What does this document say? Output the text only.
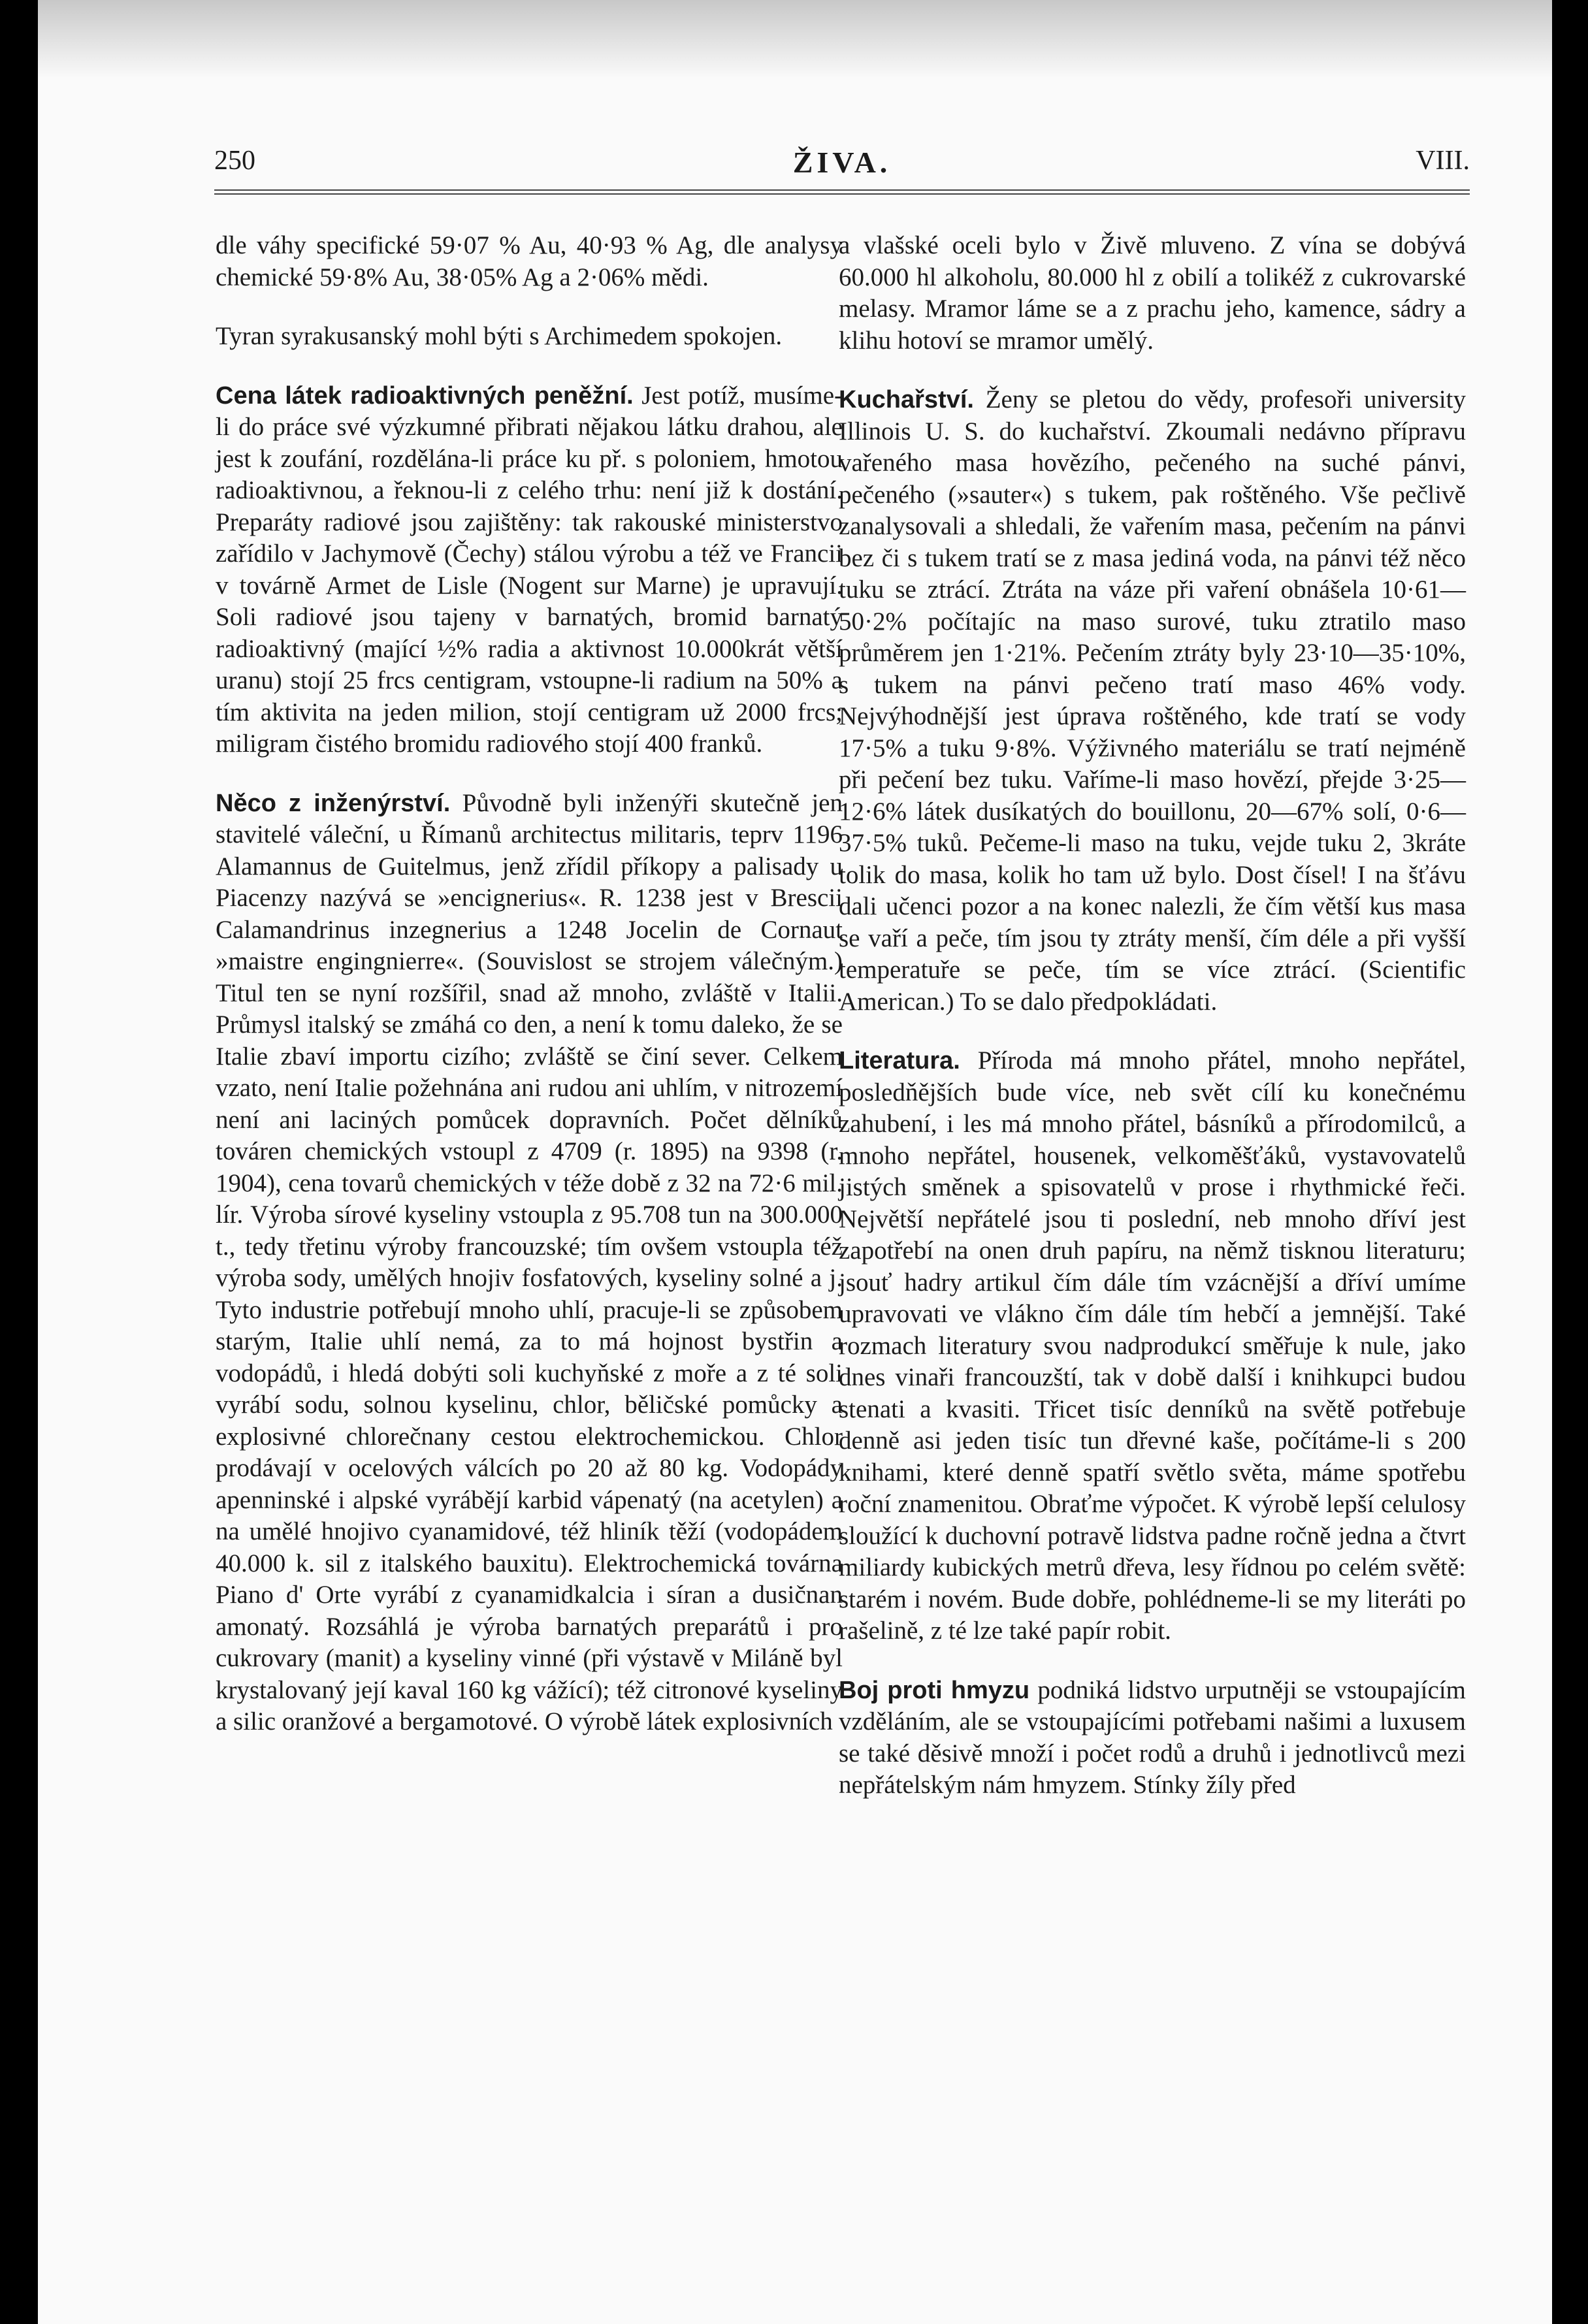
250	ŽIVA.	VIII.

dle váhy specifické 59·07 % Au, 40·93 % Ag, dle analysy chemické 59·8% Au, 38·05% Ag a 2·06% mědi.

Tyran syrakusanský mohl býti s Archimedem spokojen.

Cena látek radioaktivných peněžní. Jest potíž, musíme-li do práce své výzkumné přibrati nějakou látku drahou, ale jest k zoufání, rozdělána-li práce ku př. s poloniem, hmotou radioaktivnou, a řeknou-li z celého trhu: není již k dostání. Preparáty radiové jsou zajištěny: tak rakouské ministerstvo zařídilo v Jachymově (Čechy) stálou výrobu a též ve Francii v továrně Armet de Lisle (Nogent sur Marne) je upravují. Soli radiové jsou tajeny v barnatých, bromid barnatý radioaktivný (mající ½% radia a aktivnost 10.000krát větší uranu) stojí 25 frcs centigram, vstoupne-li radium na 50% a tím aktivita na jeden milion, stojí centigram už 2000 frcs; miligram čistého bromidu radiového stojí 400 franků.

Něco z inženýrství. Původně byli inženýři skutečně jen stavitelé váleční, u Římanů architectus militaris, teprv 1196 Alamannus de Guitelmus, jenž zřídil příkopy a palisady u Piacenzy nazývá se »encignerius«. R. 1238 jest v Brescii Calamandrinus inzegnerius a 1248 Jocelin de Cornaut »maistre engingnierre«. (Souvislost se strojem válečným.) Titul ten se nyní rozšířil, snad až mnoho, zvláště v Italii. Průmysl italský se zmáhá co den, a není k tomu daleko, že se Italie zbaví importu cizího; zvláště se činí sever. Celkem vzato, není Italie požehnána ani rudou ani uhlím, v nitrozemí není ani laciných pomůcek dopravních. Počet dělníků továren chemických vstoupl z 4709 (r. 1895) na 9398 (r. 1904), cena tovarů chemických v téže době z 32 na 72·6 mil. lír. Výroba sírové kyseliny vstoupla z 95.708 tun na 300.000 t., tedy třetinu výroby francouzské; tím ovšem vstoupla též výroba sody, umělých hnojiv fosfatových, kyseliny solné a j. Tyto industrie potřebují mnoho uhlí, pracuje-li se způsobem starým, Italie uhlí nemá, za to má hojnost bystřin a vodopádů, i hledá dobýti soli kuchyňské z moře a z té soli vyrábí sodu, solnou kyselinu, chlor, běličské pomůcky a explosivné chlorečnany cestou elektrochemickou. Chlor prodávají v ocelových válcích po 20 až 80 kg. Vodopády apenninské i alpské vyrábějí karbid vápenatý (na acetylen) a na umělé hnojivo cyanamidové, též hliník těží (vodopádem 40.000 k. sil z italského bauxitu). Elektrochemická továrna Piano d' Orte vyrábí z cyanamidkalcia i síran a dusičnan amonatý. Rozsáhlá je výroba barnatých preparátů i pro cukrovary (manit) a kyseliny vinné (při výstavě v Miláně byl krystalovaný její kaval 160 kg vážící); též citronové kyseliny a silic oranžové a bergamotové. O výrobě látek explosivních

a vlašské oceli bylo v Živě mluveno. Z vína se dobývá 60.000 hl alkoholu, 80.000 hl z obilí a tolikéž z cukrovarské melasy. Mramor láme se a z prachu jeho, kamence, sádry a klihu hotoví se mramor umělý.

Kuchařství. Ženy se pletou do vědy, profesoři university Illinois U. S. do kuchařství. Zkoumali nedávno přípravu vařeného masa hovězího, pečeného na suché pánvi, pečeného (»sauter«) s tukem, pak roštěného. Vše pečlivě zanalysovali a shledali, že vařením masa, pečením na pánvi bez či s tukem tratí se z masa jediná voda, na pánvi též něco tuku se ztrácí. Ztráta na váze při vaření obnášela 10·61—50·2% počítajíc na maso surové, tuku ztratilo maso průměrem jen 1·21%. Pečením ztráty byly 23·10—35·10%, s tukem na pánvi pečeno tratí maso 46% vody. Nejvýhodnější jest úprava roštěného, kde tratí se vody 17·5% a tuku 9·8%. Výživného materiálu se tratí nejméně při pečení bez tuku. Vaříme-li maso hovězí, přejde 3·25—12·6% látek dusíkatých do bouillonu, 20—67% solí, 0·6—37·5% tuků. Pečeme-li maso na tuku, vejde tuku 2, 3kráte tolik do masa, kolik ho tam už bylo. Dost čísel! I na šťávu dali učenci pozor a na konec nalezli, že čím větší kus masa se vaří a peče, tím jsou ty ztráty menší, čím déle a při vyšší temperatuře se peče, tím se více ztrácí. (Scientific American.) To se dalo předpokládati.

Literatura. Příroda má mnoho přátel, mnoho nepřátel, posledňějších bude více, neb svět cílí ku konečnému zahubení, i les má mnoho přátel, básníků a přírodomilců, a mnoho nepřátel, housenek, velkoměšťáků, vystavovatelů jistých směnek a spisovatelů v prose i rhythmické řeči. Největší nepřátelé jsou ti poslední, neb mnoho dříví jest zapotřebí na onen druh papíru, na němž tisknou literaturu; jsouť hadry artikul čím dále tím vzácnější a dříví umíme upravovati ve vlákno čím dále tím hebčí a jemnější. Také rozmach literatury svou nadprodukcí směřuje k nule, jako dnes vinaři francouzští, tak v době další i knihkupci budou stenati a kvasiti. Třicet tisíc denníků na světě potřebuje denně asi jeden tisíc tun dřevné kaše, počítáme-li s 200 knihami, které denně spatří světlo světa, máme spotřebu roční znamenitou. Obraťme výpočet. K výrobě lepší celulosy sloužící k duchovní potravě lidstva padne ročně jedna a čtvrt miliardy kubických metrů dřeva, lesy řídnou po celém světě: starém i novém. Bude dobře, pohlédneme-li se my literáti po rašelině, z té lze také papír robit.

Boj proti hmyzu podniká lidstvo urputněji se vstoupajícím vzděláním, ale se vstoupajícími potřebami našimi a luxusem se také děsivě množí i počet rodů a druhů i jednotlivců mezi nepřátelským nám hmyzem. Stínky žíly před
